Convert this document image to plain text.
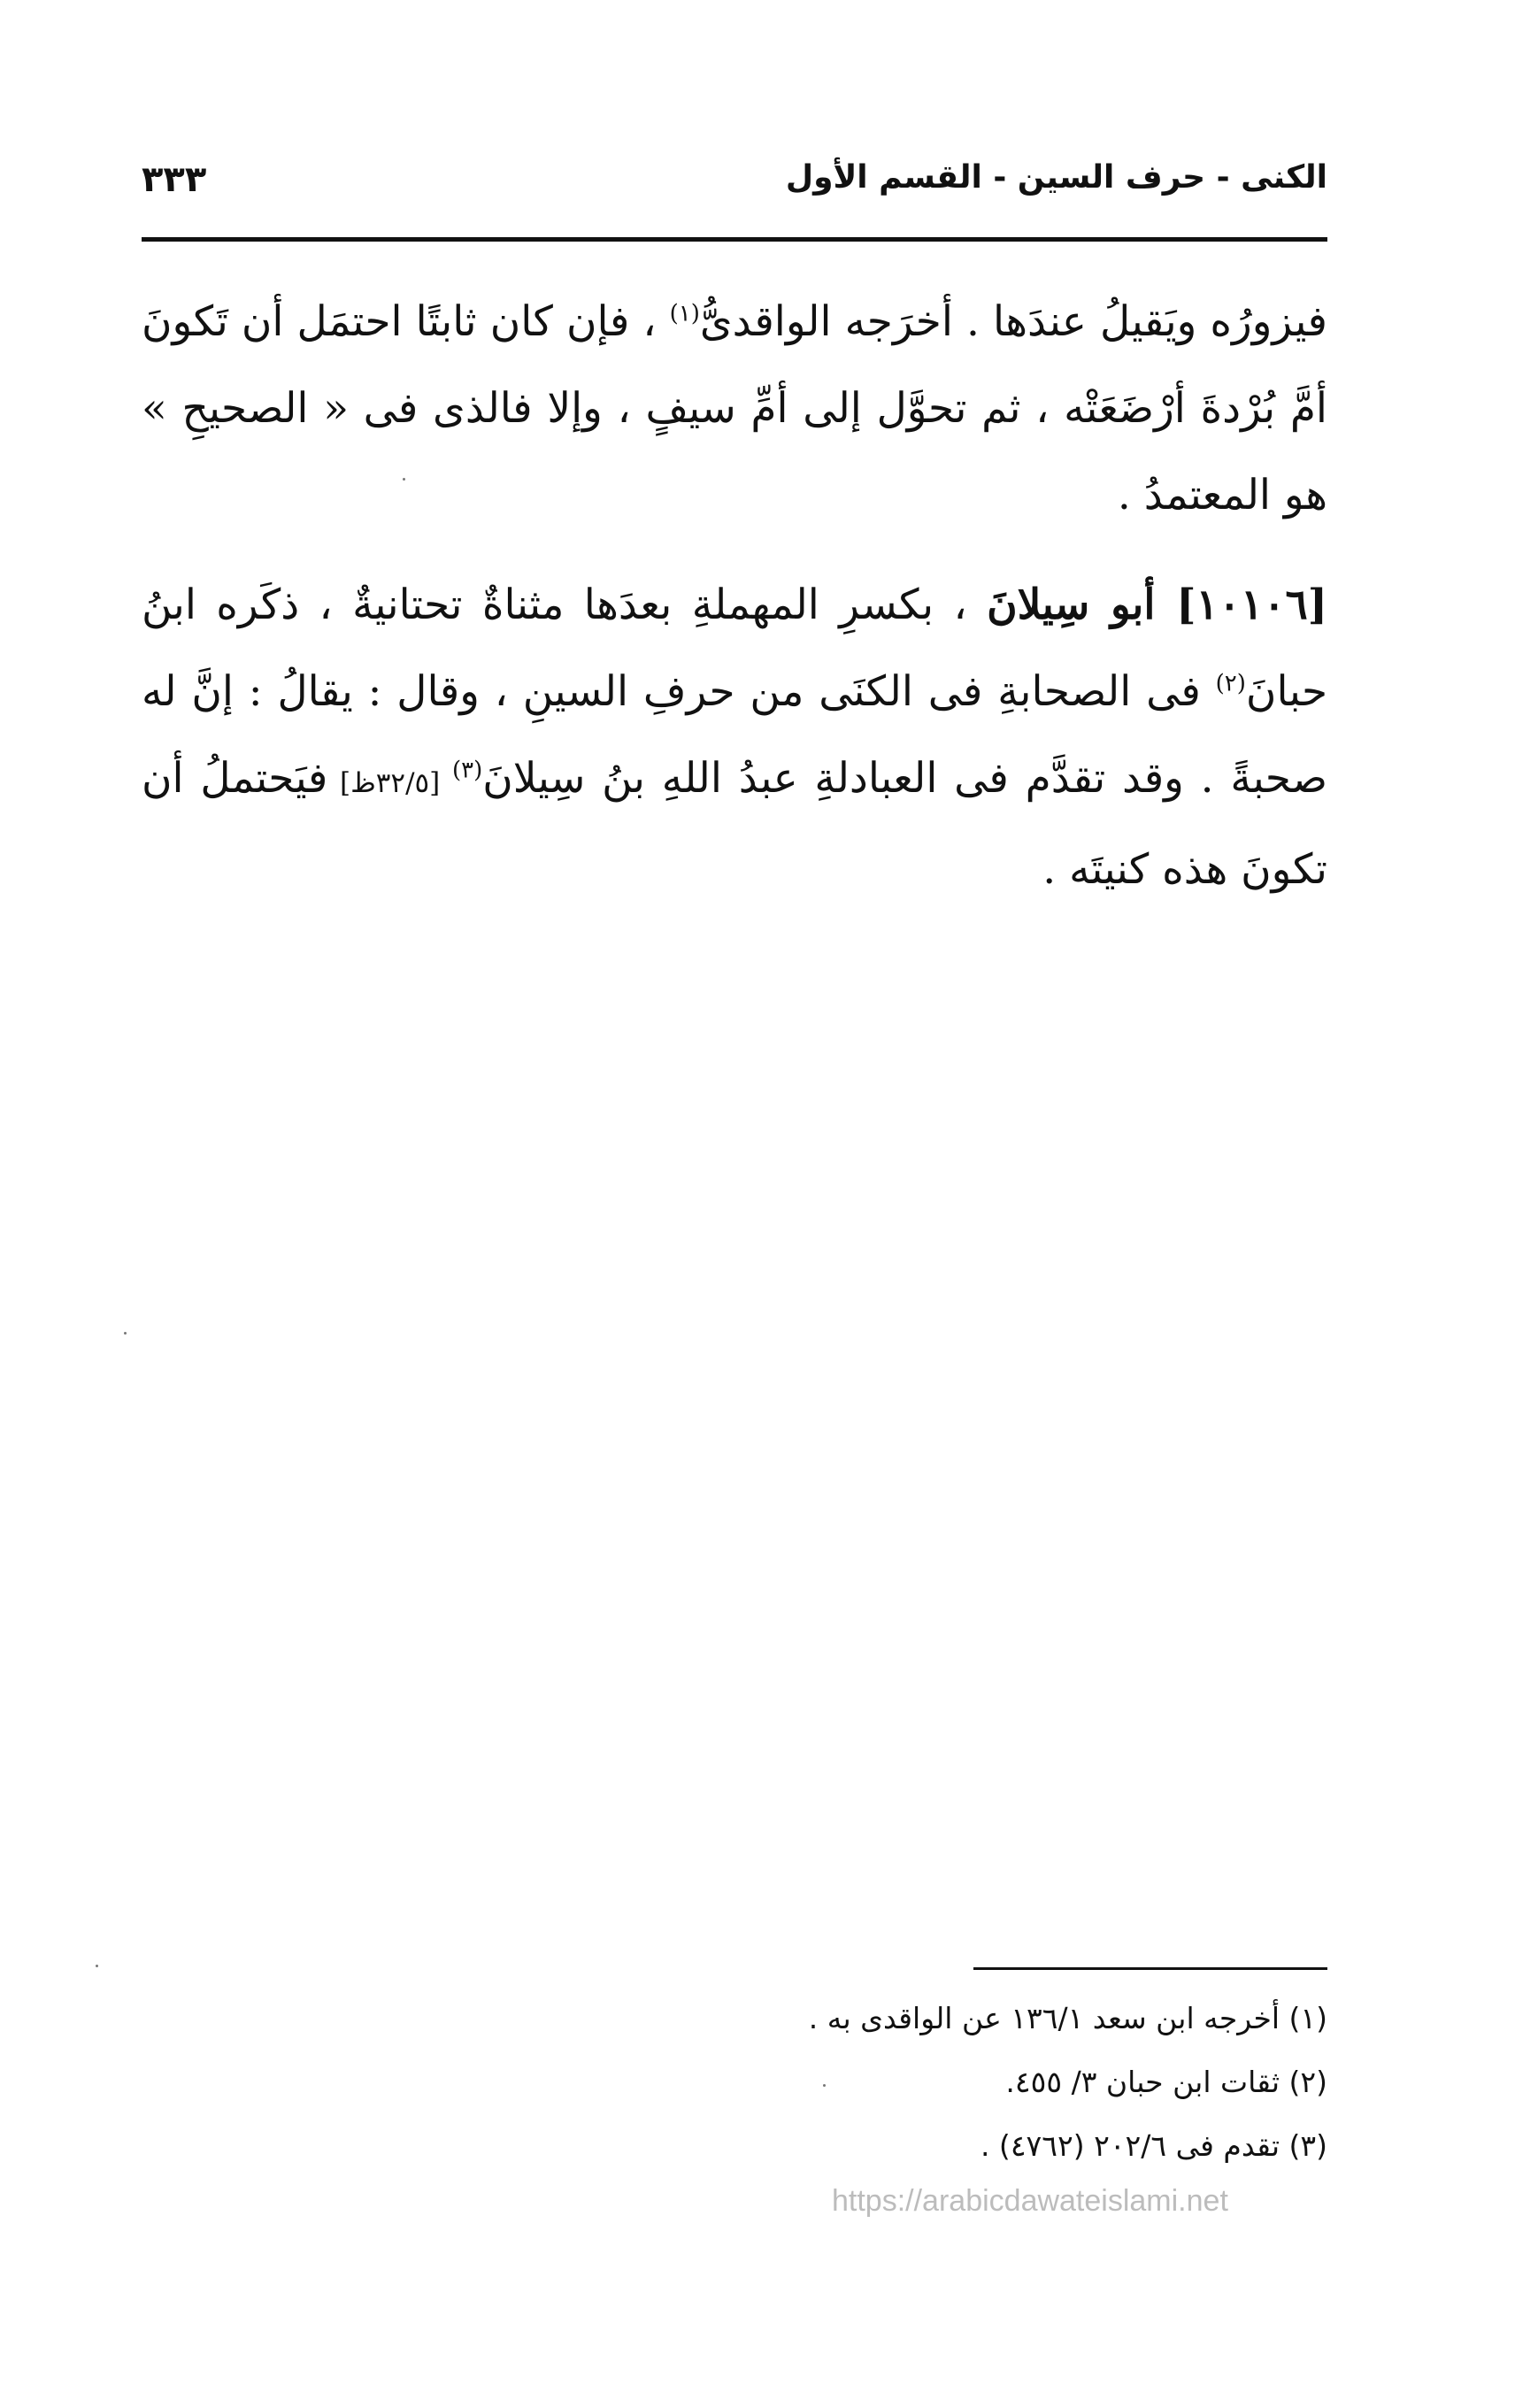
٣٣٣	الكنى - حرف السين - القسم الأول

فيزورُه ويَقيلُ عندَها . أخرَجه الواقدىُّ$^{(١)}$ ، فإن كان ثابتًا احتمَل أن تَكونَ أمَّ بُرْدةَ أرْضَعَتْه ، ثم تحوَّل إلى أمِّ سيفٍ ، وإلا فالذى فى « الصحيحِ » هو المعتمدُ .

[١٠١٠٦] أبو سِيلانَ ، بكسرِ المهملةِ بعدَها مثناةٌ تحتانيةٌ ، ذكَره ابنُ حبانَ$^{(٢)}$ فى الصحابةِ فى الكنَى من حرفِ السينِ ، وقال : يقالُ : إنَّ له صحبةً . وقد تقدَّم فى العبادلةِ عبدُ اللهِ بنُ سِيلانَ$^{(٣)}$ [٣٢/٥ظ] فيَحتملُ أن تكونَ هذه كنيتَه .

(١) أخرجه ابن سعد ١٣٦/١ عن الواقدى به .

(٢) ثقات ابن حبان ٣/ ٤٥٥.

(٣) تقدم فى ٢٠٢/٦ (٤٧٦٢) .

https://arabicdawateislami.net
